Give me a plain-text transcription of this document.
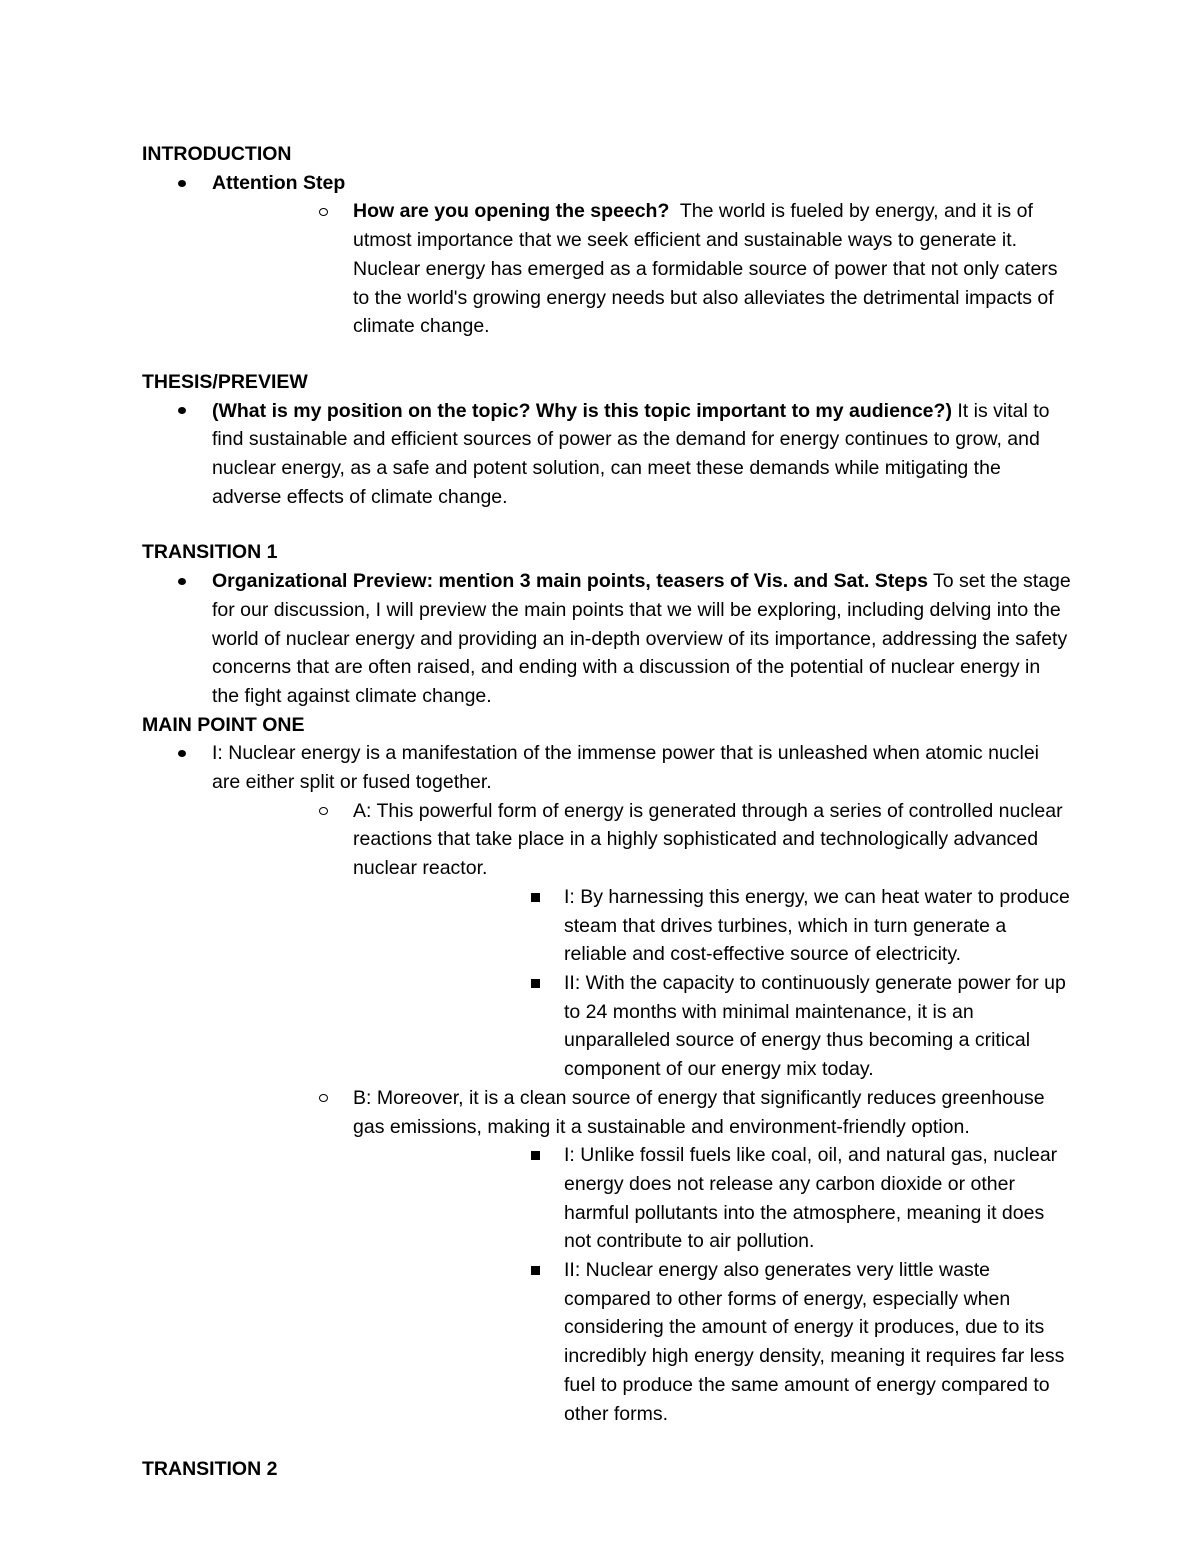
INTRODUCTION
Attention Step
How are you opening the speech? The world is fueled by energy, and it is of utmost importance that we seek efficient and sustainable ways to generate it. Nuclear energy has emerged as a formidable source of power that not only caters to the world's growing energy needs but also alleviates the detrimental impacts of climate change.
THESIS/PREVIEW
(What is my position on the topic? Why is this topic important to my audience?) It is vital to find sustainable and efficient sources of power as the demand for energy continues to grow, and nuclear energy, as a safe and potent solution, can meet these demands while mitigating the adverse effects of climate change.
TRANSITION 1
Organizational Preview: mention 3 main points, teasers of Vis. and Sat. Steps To set the stage for our discussion, I will preview the main points that we will be exploring, including delving into the world of nuclear energy and providing an in-depth overview of its importance, addressing the safety concerns that are often raised, and ending with a discussion of the potential of nuclear energy in the fight against climate change.
MAIN POINT ONE
I: Nuclear energy is a manifestation of the immense power that is unleashed when atomic nuclei are either split or fused together.
A: This powerful form of energy is generated through a series of controlled nuclear reactions that take place in a highly sophisticated and technologically advanced nuclear reactor.
I: By harnessing this energy, we can heat water to produce steam that drives turbines, which in turn generate a reliable and cost-effective source of electricity.
II: With the capacity to continuously generate power for up to 24 months with minimal maintenance, it is an unparalleled source of energy thus becoming a critical component of our energy mix today.
B: Moreover, it is a clean source of energy that significantly reduces greenhouse gas emissions, making it a sustainable and environment-friendly option.
I: Unlike fossil fuels like coal, oil, and natural gas, nuclear energy does not release any carbon dioxide or other harmful pollutants into the atmosphere, meaning it does not contribute to air pollution.
II: Nuclear energy also generates very little waste compared to other forms of energy, especially when considering the amount of energy it produces, due to its incredibly high energy density, meaning it requires far less fuel to produce the same amount of energy compared to other forms.
TRANSITION 2
